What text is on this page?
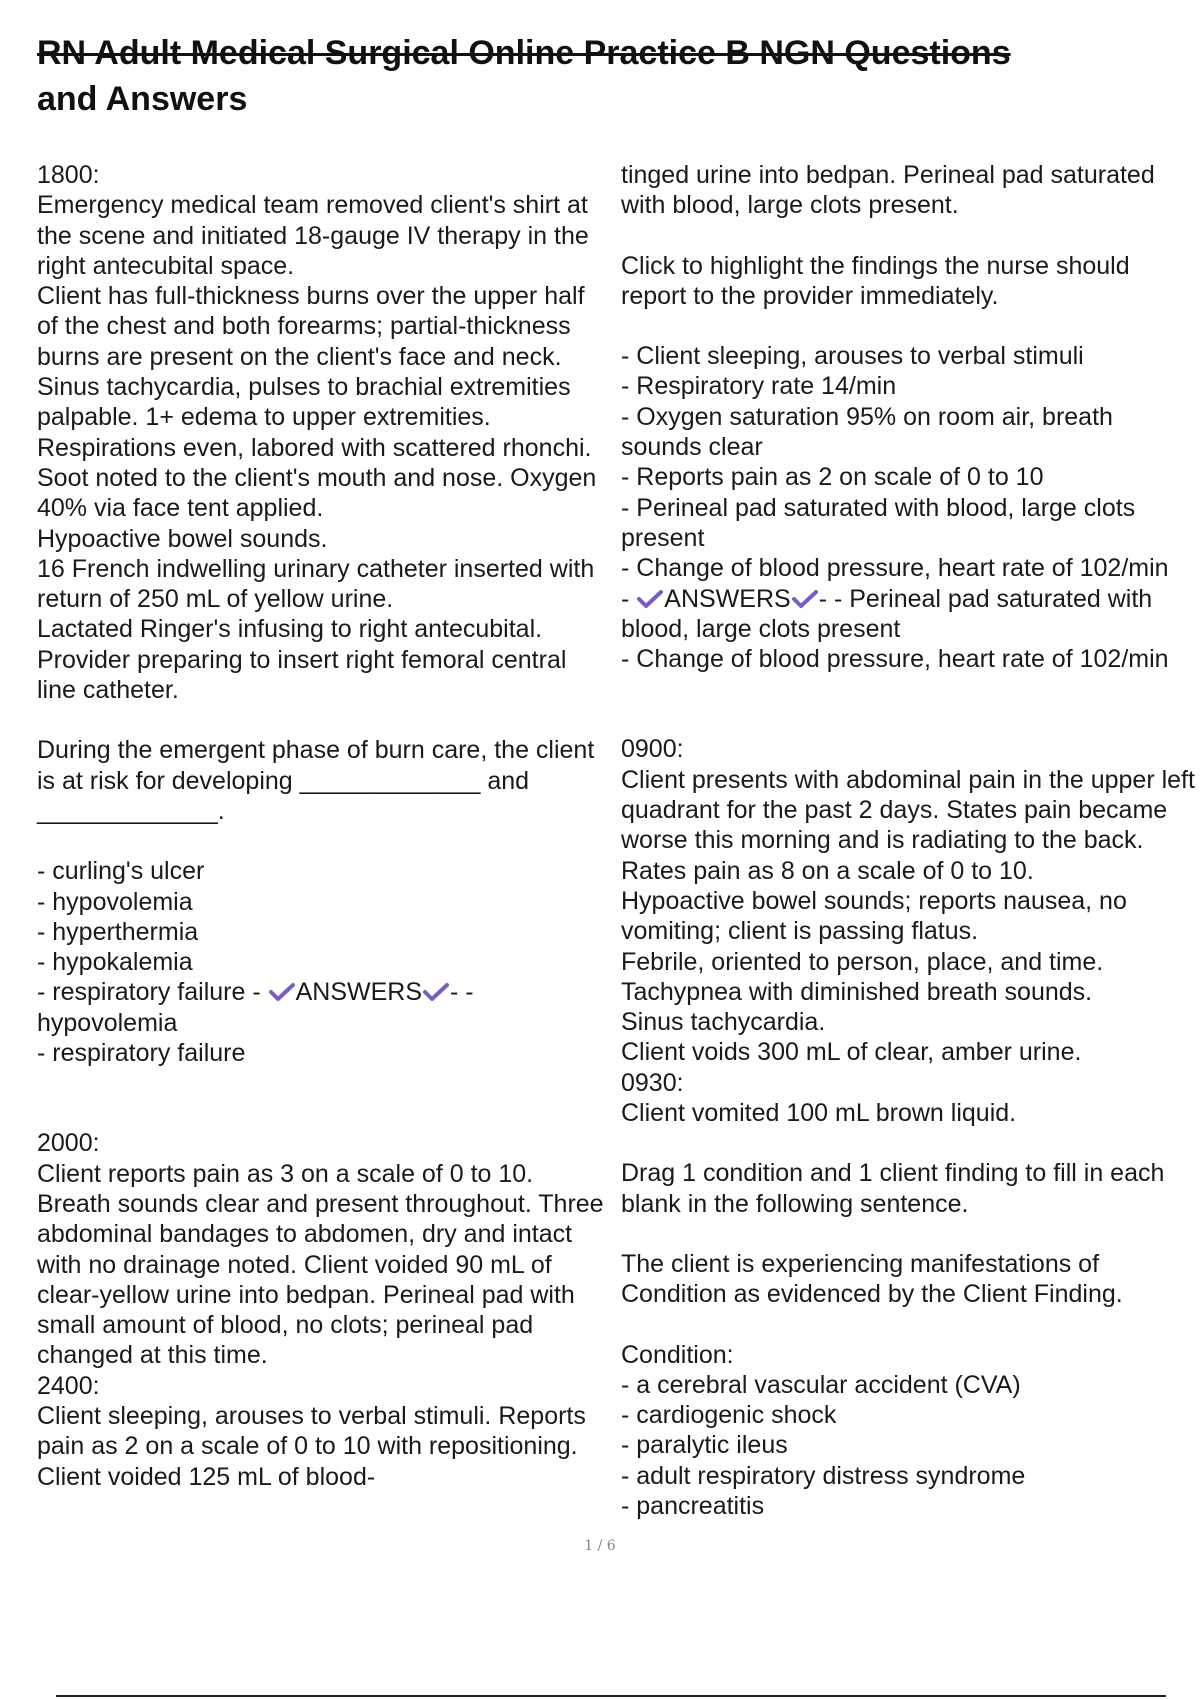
RN Adult Medical Surgical Online Practice B NGN Questions
and Answers
1800:
Emergency medical team removed client's shirt at the scene and initiated 18-gauge IV therapy in the right antecubital space.
Client has full-thickness burns over the upper half of the chest and both forearms; partial-thickness burns are present on the client's face and neck.
Sinus tachycardia, pulses to brachial extremities palpable. 1+ edema to upper extremities.
Respirations even, labored with scattered rhonchi. Soot noted to the client's mouth and nose. Oxygen 40% via face tent applied.
Hypoactive bowel sounds.
16 French indwelling urinary catheter inserted with return of 250 mL of yellow urine.
Lactated Ringer's infusing to right antecubital. Provider preparing to insert right femoral central line catheter.
During the emergent phase of burn care, the client is at risk for developing _____________ and _____________.
- curling's ulcer
- hypovolemia
- hyperthermia
- hypokalemia
- respiratory failure - ANSWERS - - hypovolemia
- respiratory failure
2000:
Client reports pain as 3 on a scale of 0 to 10. Breath sounds clear and present throughout. Three abdominal bandages to abdomen, dry and intact with no drainage noted. Client voided 90 mL of clear-yellow urine into bedpan. Perineal pad with small amount of blood, no clots; perineal pad changed at this time.
2400:
Client sleeping, arouses to verbal stimuli. Reports pain as 2 on a scale of 0 to 10 with repositioning. Client voided 125 mL of blood-
tinged urine into bedpan. Perineal pad saturated with blood, large clots present.
Click to highlight the findings the nurse should report to the provider immediately.
- Client sleeping, arouses to verbal stimuli
- Respiratory rate 14/min
- Oxygen saturation 95% on room air, breath sounds clear
- Reports pain as 2 on scale of 0 to 10
- Perineal pad saturated with blood, large clots present
- Change of blood pressure, heart rate of 102/min
- ANSWERS - - Perineal pad saturated with blood, large clots present
- Change of blood pressure, heart rate of 102/min
0900:
Client presents with abdominal pain in the upper left quadrant for the past 2 days. States pain became worse this morning and is radiating to the back. Rates pain as 8 on a scale of 0 to 10.
Hypoactive bowel sounds; reports nausea, no vomiting; client is passing flatus.
Febrile, oriented to person, place, and time.
Tachypnea with diminished breath sounds.
Sinus tachycardia.
Client voids 300 mL of clear, amber urine.
0930:
Client vomited 100 mL brown liquid.
Drag 1 condition and 1 client finding to fill in each blank in the following sentence.
The client is experiencing manifestations of Condition as evidenced by the Client Finding.
Condition:
- a cerebral vascular accident (CVA)
- cardiogenic shock
- paralytic ileus
- adult respiratory distress syndrome
- pancreatitis
1 / 6
